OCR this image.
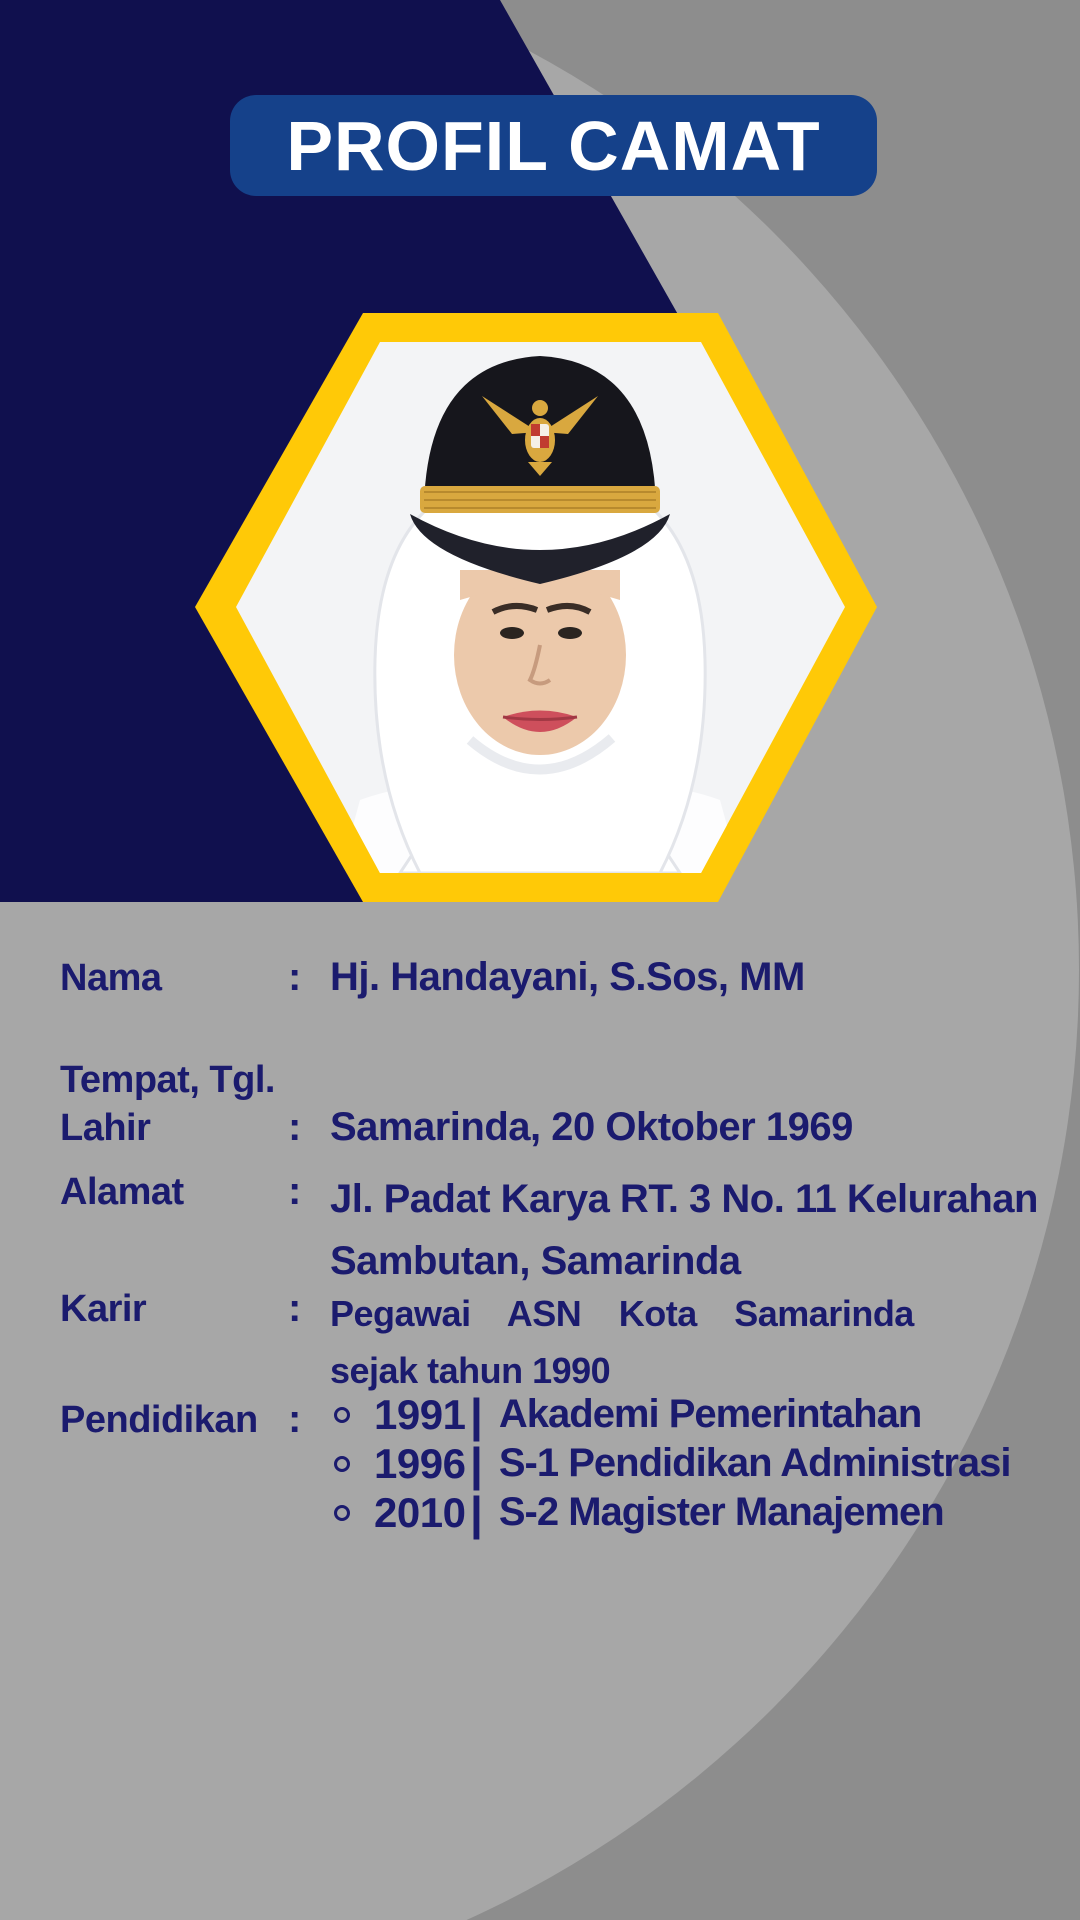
PROFIL CAMAT
Nama	: Hj. Handayani, S.Sos, MM
Tempat, Tgl.
Lahir	: Samarinda, 20 Oktober 1969
Alamat	: Jl. Padat Karya RT. 3 No. 11 Kelurahan
Sambutan, Samarinda
Karir	: Pegawai ASN Kota Samarinda
sejak tahun 1990
Pendidikan : 1991 | Akademi Pemerintahan
1996 | S-1 Pendidikan Administrasi
2010 | S-2 Magister Manajemen
